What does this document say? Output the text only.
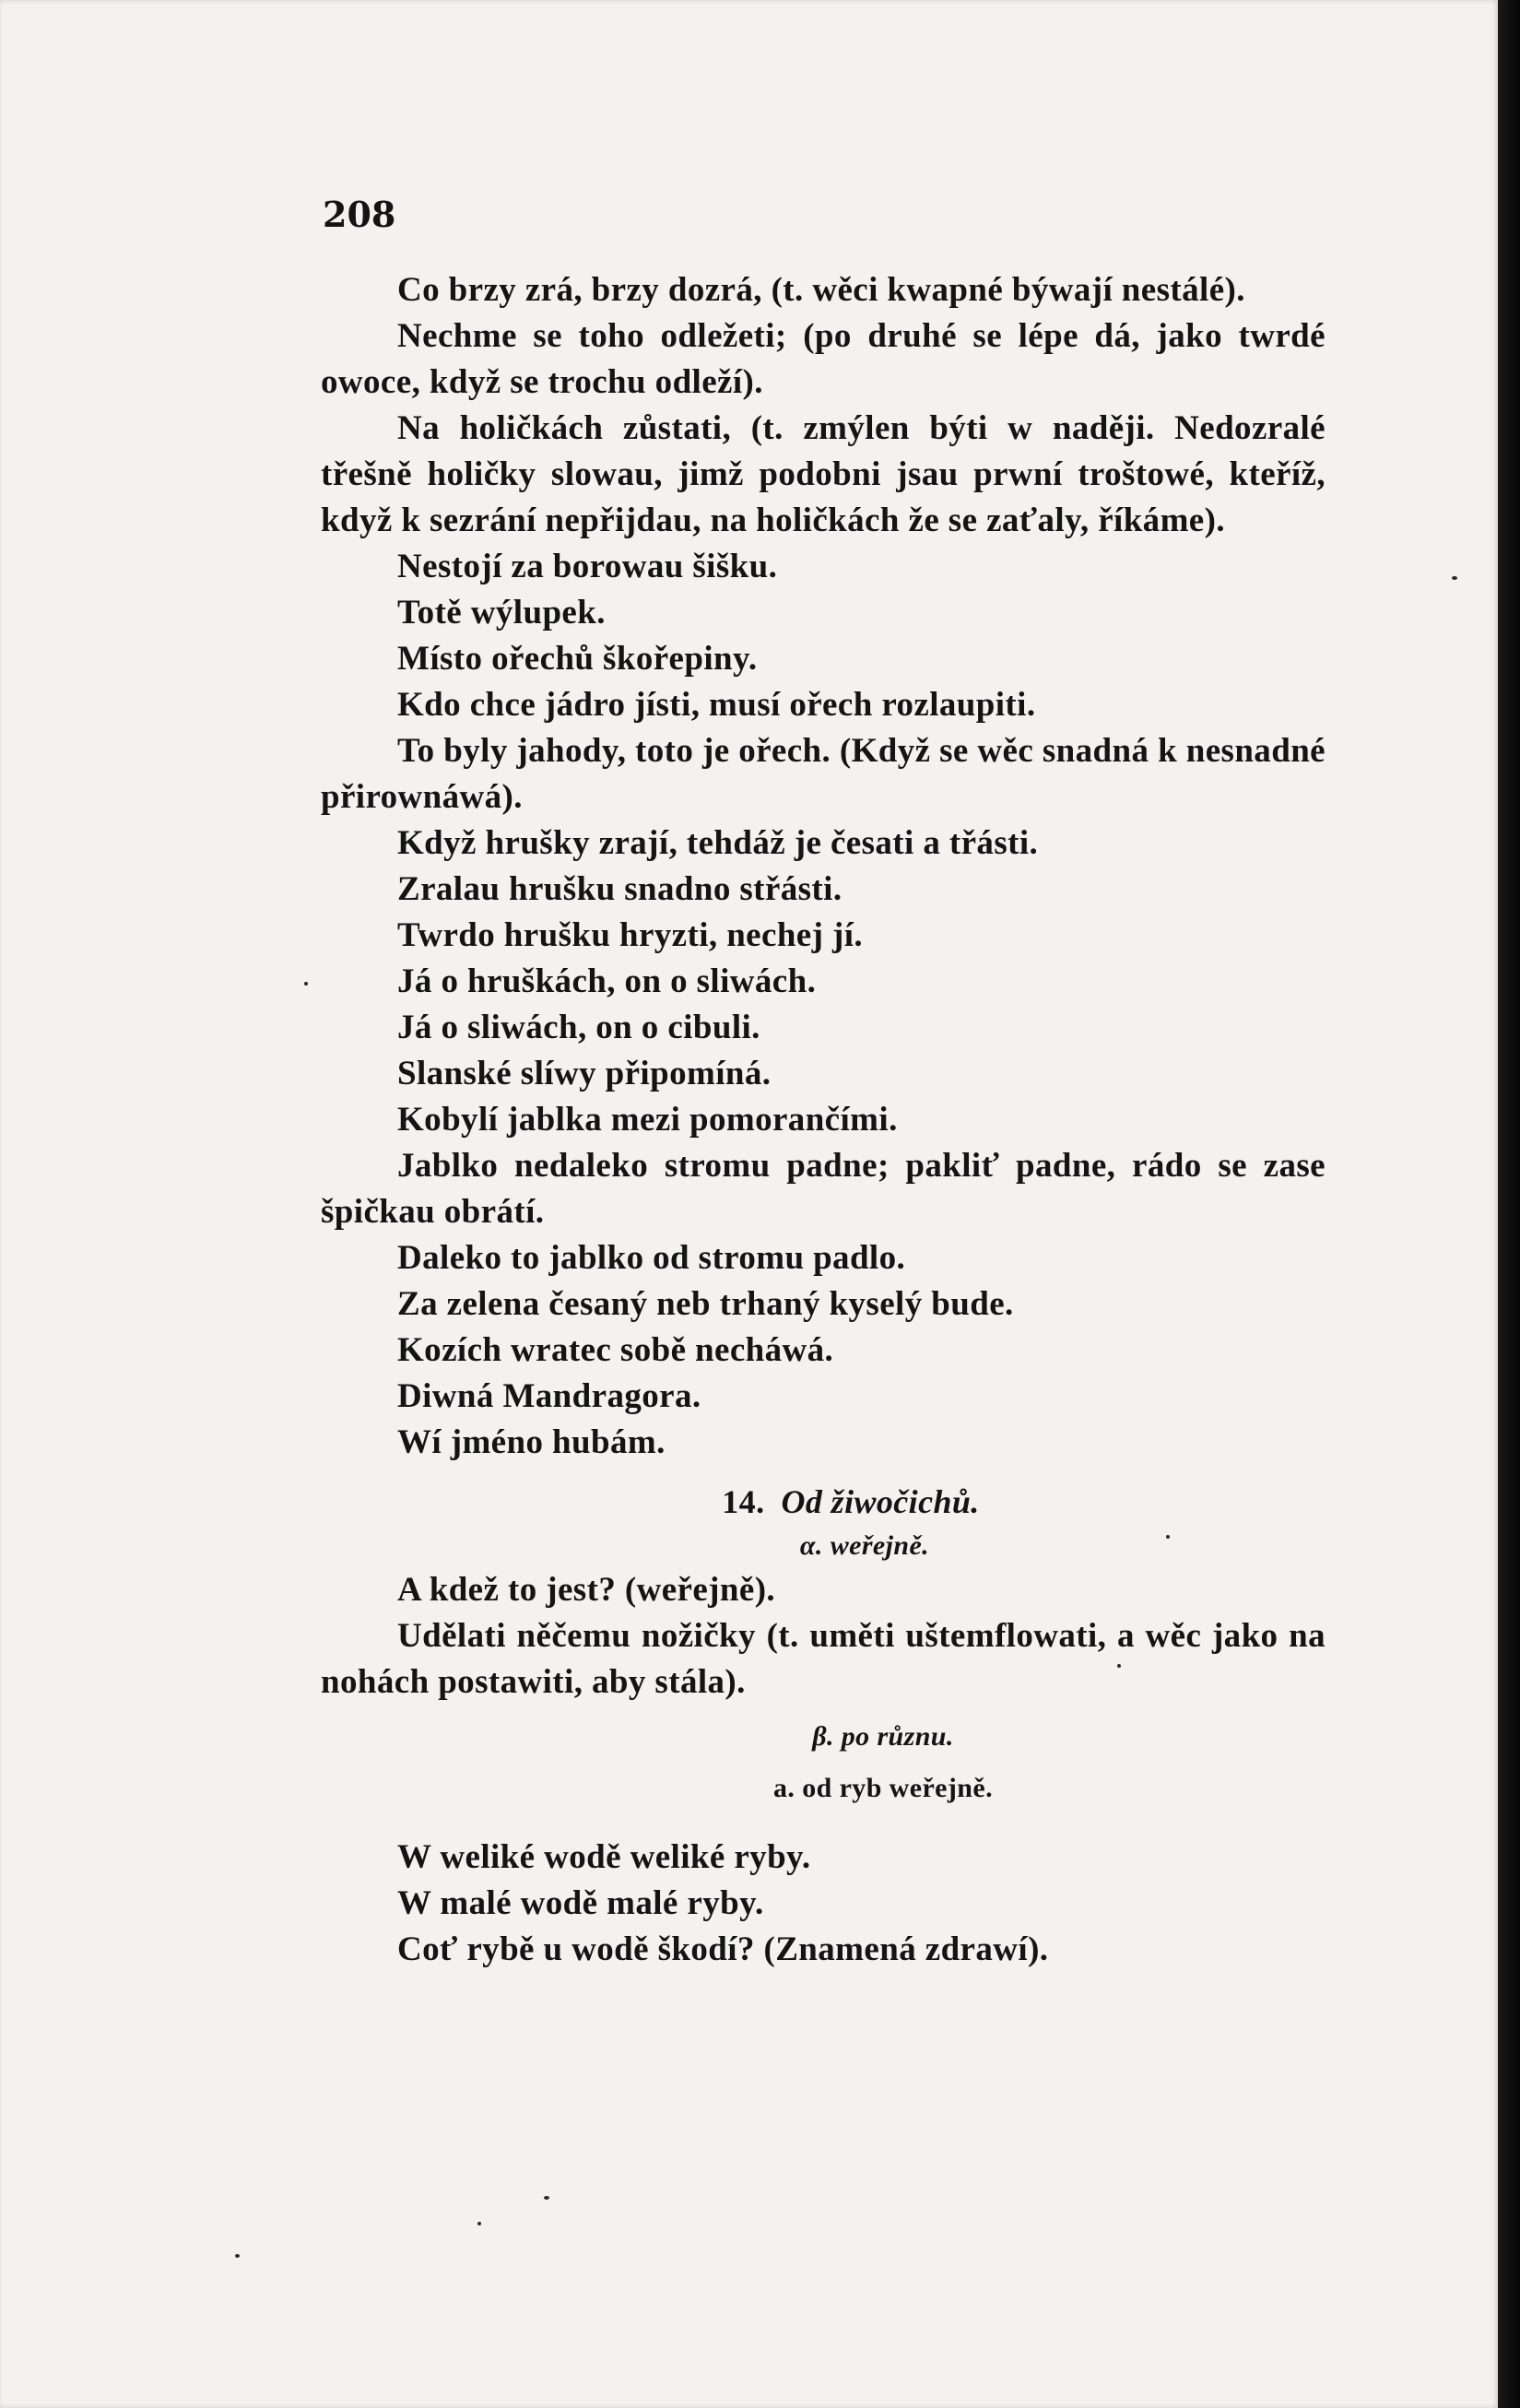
208

Co brzy zrá, brzy dozrá, (t. wěci kwapné býwají nestálé).

Nechme se toho odležeti; (po druhé se lépe dá, jako twrdé owoce, když se trochu odleží).

Na holičkách zůstati, (t. zmýlen býti w naději. Nedozralé třešně holičky slowau, jimž podobni jsau prwní troštowé, kteříž, když k sezrání nepřijdau, na holičkách že se zaťaly, říkáme).

Nestojí za borowau šišku.

Totě wýlupek.

Místo ořechů škořepiny.

Kdo chce jádro jísti, musí ořech rozlaupiti.

To byly jahody, toto je ořech. (Když se wěc snadná k nesnadné přirownáwá).

Když hrušky zrají, tehdáž je česati a třásti.

Zralau hrušku snadno střásti.

Twrdo hrušku hryzti, nechej jí.

Já o hruškách, on o sliwách.

Já o sliwách, on o cibuli.

Slanské slíwy připomíná.

Kobylí jablka mezi pomorančími.

Jablko nedaleko stromu padne; pakliť padne, rádo se zase špičkau obrátí.

Daleko to jablko od stromu padlo.

Za zelena česaný neb trhaný kyselý bude.

Kozích wratec sobě necháwá.

Diwná Mandragora.

Wí jméno hubám.

14. Od žiwočichů.

α. weřejně.

A kdež to jest? (weřejně).

Udělati něčemu nožičky (t. uměti uštemflowati, a wěc jako na nohách postawiti, aby stála).

β. po různu.

a. od ryb weřejně.

W weliké wodě weliké ryby.

W malé wodě malé ryby.

Coť rybě u wodě škodí? (Znamená zdrawí).
